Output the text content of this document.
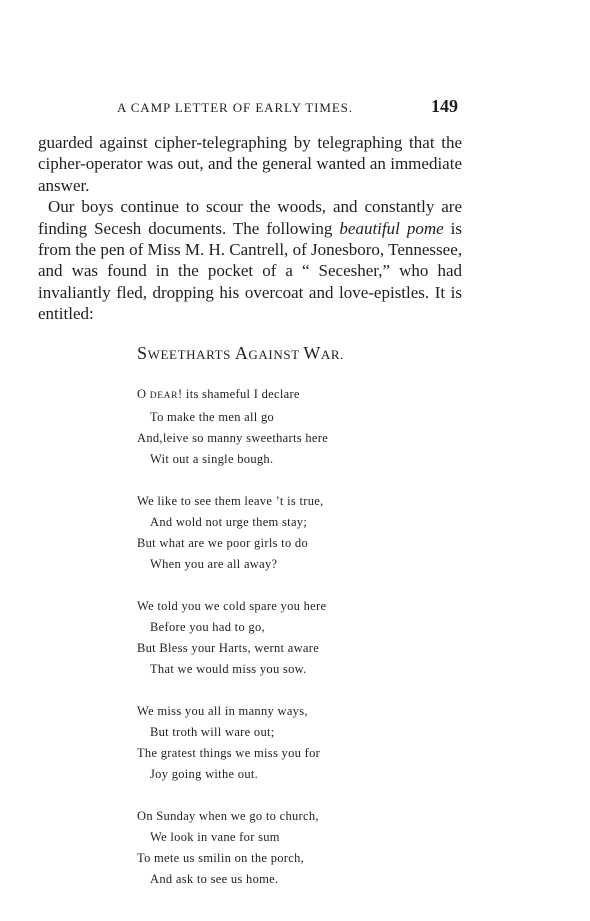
A CAMP LETTER OF EARLY TIMES.	149

guarded against cipher-telegraphing by telegraphing that the cipher-operator was out, and the general wanted an immediate answer.

Our boys continue to scour the woods, and constantly are finding Secesh documents. The following beautiful pome is from the pen of Miss M. H. Cantrell, of Jonesboro, Tennessee, and was found in the pocket of a “ Secesher,” who had invaliantly fled, dropping his overcoat and love-epistles. It is entitled:

SWEETHARTS AGAINST WAR.
O DEAR! its shameful I declare
To make the men all go
And,leive so manny sweetharts here
Wit out a single bough.
We like to see them leave ’t is true,
And wold not urge them stay;
But what are we poor girls to do
When you are all away?
We told you we cold spare you here
Before you had to go,
But Bless your Harts, wernt aware
That we would miss you sow.
We miss you all in manny ways,
But troth will ware out;
The gratest things we miss you for
Joy going withe out.
On Sunday when we go to church,
We look in vane for sum
To mete us smilin on the porch,
And ask to see us home.
